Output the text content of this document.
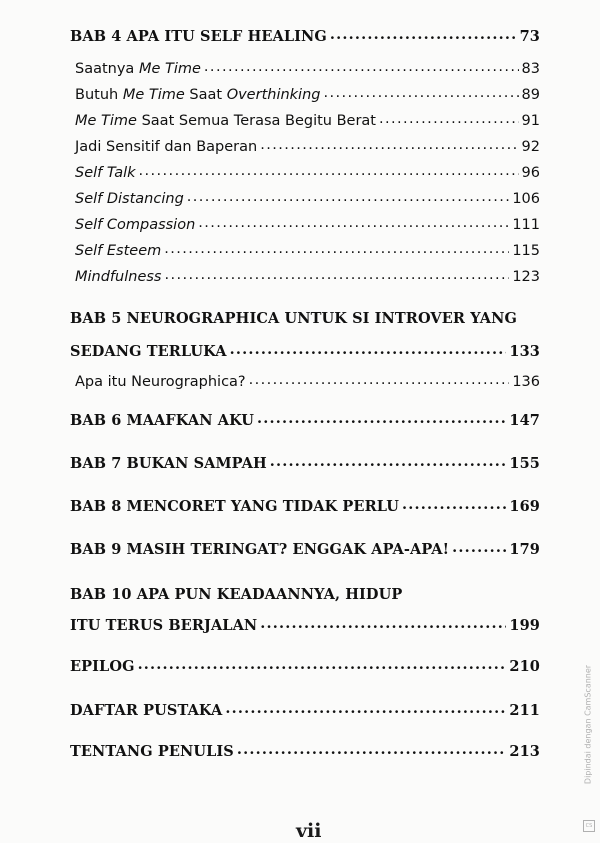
BAB 4 APA ITU SELF HEALING .....	73
Saatnya Me Time .....	83
Butuh Me Time Saat Overthinking .....	89
Me Time Saat Semua Terasa Begitu Berat .....	91
Jadi Sensitif dan Baperan .....	92
Self Talk .....	96
Self Distancing .....	106
Self Compassion .....	111
Self Esteem .....	115
Mindfulness .....	123
BAB 5 NEUROGRAPHICA UNTUK SI INTROVER YANG
SEDANG TERLUKA .....	133
Apa itu Neurographica? .....	136
BAB 6 MAAFKAN AKU .....	147
BAB 7 BUKAN SAMPAH .....	155
BAB 8 MENCORET YANG TIDAK PERLU .....	169
BAB 9 MASIH TERINGAT? ENGGAK APA-APA! .....	179
BAB 10 APA PUN KEADAANNYA, HIDUP
ITU TERUS BERJALAN .....	199
EPILOG .....	210
DAFTAR PUSTAKA .....	211
TENTANG PENULIS .....	213
vii
Dipindai dengan CamScanner
CS
